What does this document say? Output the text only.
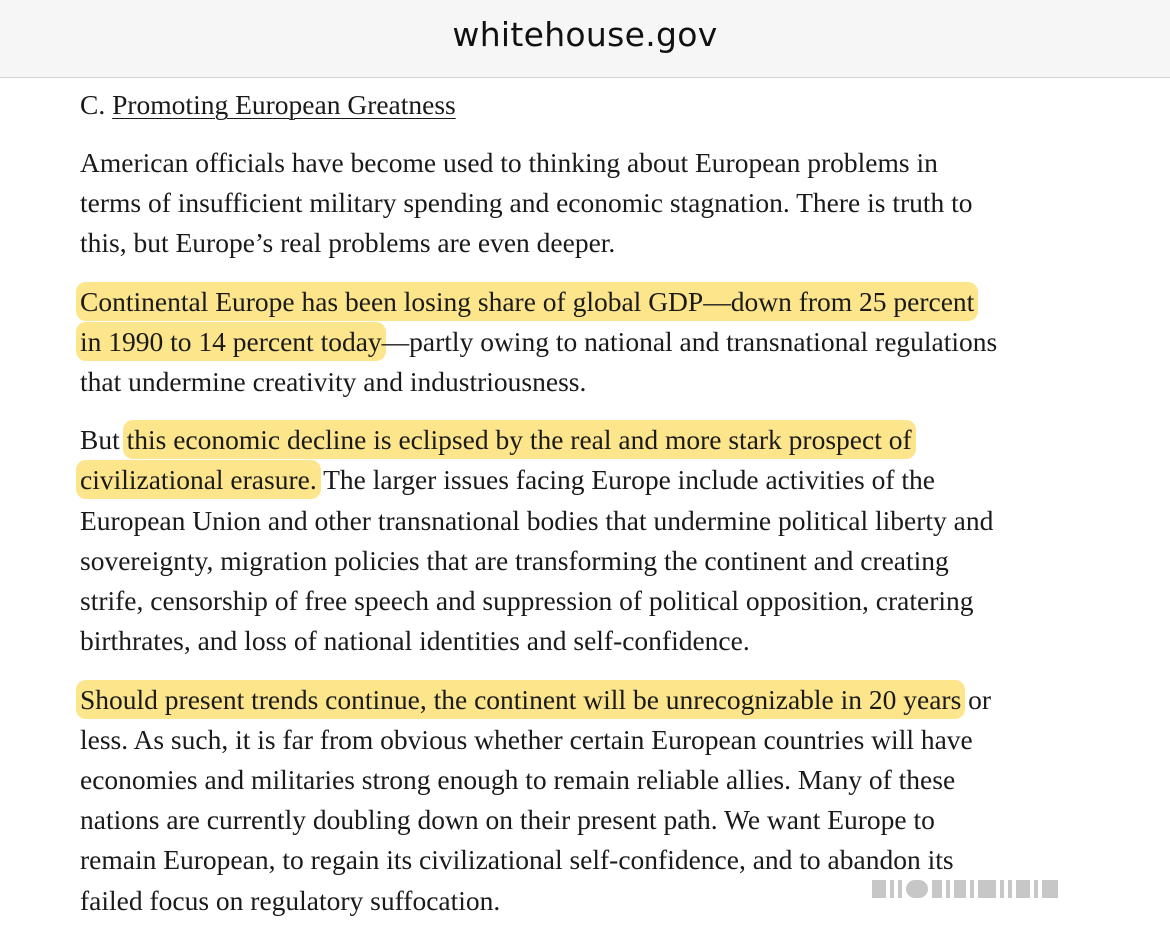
whitehouse.gov
C. Promoting European Greatness
American officials have become used to thinking about European problems in
terms of insufficient military spending and economic stagnation. There is truth to
this, but Europe’s real problems are even deeper.
Continental Europe has been losing share of global GDP—down from 25 percent
in 1990 to 14 percent today—partly owing to national and transnational regulations
that undermine creativity and industriousness.
But this economic decline is eclipsed by the real and more stark prospect of
civilizational erasure. The larger issues facing Europe include activities of the
European Union and other transnational bodies that undermine political liberty and
sovereignty, migration policies that are transforming the continent and creating
strife, censorship of free speech and suppression of political opposition, cratering
birthrates, and loss of national identities and self-confidence.
Should present trends continue, the continent will be unrecognizable in 20 years or
less. As such, it is far from obvious whether certain European countries will have
economies and militaries strong enough to remain reliable allies. Many of these
nations are currently doubling down on their present path. We want Europe to
remain European, to regain its civilizational self-confidence, and to abandon its
failed focus on regulatory suffocation.
